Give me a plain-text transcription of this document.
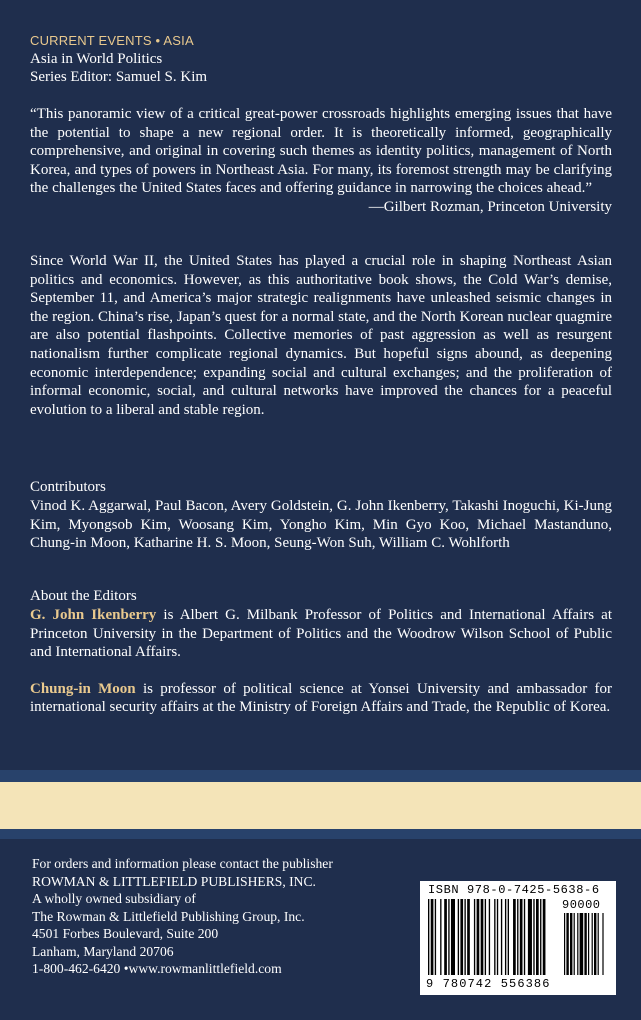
CURRENT EVENTS • ASIA
Asia in World Politics
Series Editor: Samuel S. Kim
“This panoramic view of a critical great-power crossroads highlights emerging issues that have the potential to shape a new regional order. It is theoretically informed, geographically comprehensive, and original in covering such themes as identity politics, management of North Korea, and types of powers in Northeast Asia. For many, its foremost strength may be clarifying the challenges the United States faces and offering guidance in narrowing the choices ahead.”
—Gilbert Rozman, Princeton University
Since World War II, the United States has played a crucial role in shaping Northeast Asian politics and economics. However, as this authoritative book shows, the Cold War’s demise, September 11, and America’s major strategic realignments have unleashed seismic changes in the region. China’s rise, Japan’s quest for a normal state, and the North Korean nuclear quagmire are also potential flashpoints. Collective memories of past aggression as well as resurgent nationalism further complicate regional dynamics. But hopeful signs abound, as deepening economic interdependence; expanding social and cultural exchanges; and the proliferation of informal economic, social, and cultural networks have improved the chances for a peaceful evolution to a liberal and stable region.
Contributors
Vinod K. Aggarwal, Paul Bacon, Avery Goldstein, G. John Ikenberry, Takashi Inoguchi, Ki-Jung Kim, Myongsob Kim, Woosang Kim, Yongho Kim, Min Gyo Koo, Michael Mastanduno, Chung-in Moon, Katharine H. S. Moon, Seung-Won Suh, William C. Wohlforth
About the Editors

G. John Ikenberry is Albert G. Milbank Professor of Politics and International Affairs at Princeton University in the Department of Politics and the Woodrow Wilson School of Public and International Affairs.

Chung-in Moon is professor of political science at Yonsei University and ambassador for international security affairs at the Ministry of Foreign Affairs and Trade, the Republic of Korea.

For orders and information please contact the publisher
ROWMAN & LITTLEFIELD PUBLISHERS, INC.
A wholly owned subsidiary of
The Rowman & Littlefield Publishing Group, Inc.
4501 Forbes Boulevard, Suite 200
Lanham, Maryland 20706
1-800-462-6420 •www.rowmanlittlefield.com
ISBN 978-0-7425-5638-6
90000
9 780742 556386
